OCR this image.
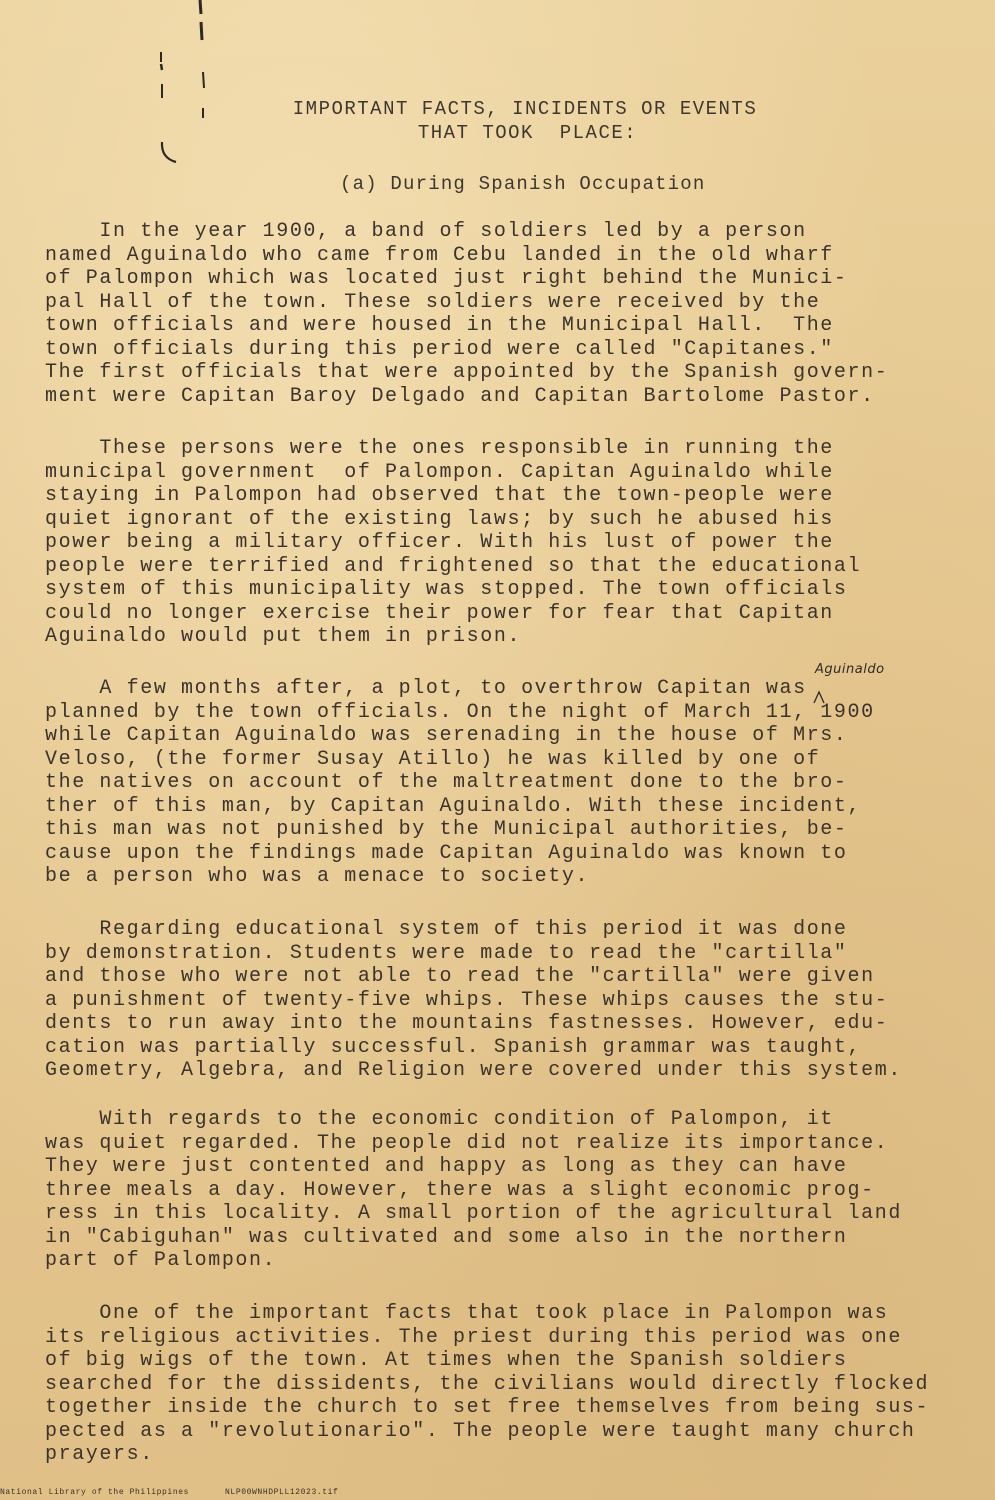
IMPORTANT FACTS, INCIDENTS OR EVENTS
THAT TOOK  PLACE:
(a) During Spanish Occupation

In the year 1900, a band of soldiers led by a person
named Aguinaldo who came from Cebu landed in the old wharf
of Palompon which was located just right behind the Munici-
pal Hall of the town. These soldiers were received by the
town officials and were housed in the Municipal Hall.  The
town officials during this period were called "Capitanes."
The first officials that were appointed by the Spanish govern-
ment were Capitan Baroy Delgado and Capitan Bartolome Pastor.

These persons were the ones responsible in running the
municipal government  of Palompon. Capitan Aguinaldo while
staying in Palompon had observed that the town-people were
quiet ignorant of the existing laws; by such he abused his
power being a military officer. With his lust of power the
people were terrified and frightened so that the educational
system of this municipality was stopped. The town officials
could no longer exercise their power for fear that Capitan
Aguinaldo would put them in prison.

A few months after, a plot, to overthrow Capitan was
planned by the town officials. On the night of March 11, 1900
while Capitan Aguinaldo was serenading in the house of Mrs.
Veloso, (the former Susay Atillo) he was killed by one of
the natives on account of the maltreatment done to the bro-
ther of this man, by Capitan Aguinaldo. With these incident,
this man was not punished by the Municipal authorities, be-
cause upon the findings made Capitan Aguinaldo was known to
be a person who was a menace to society.

Regarding educational system of this period it was done
by demonstration. Students were made to read the "cartilla"
and those who were not able to read the "cartilla" were given
a punishment of twenty-five whips. These whips causes the stu-
dents to run away into the mountains fastnesses. However, edu-
cation was partially successful. Spanish grammar was taught,
Geometry, Algebra, and Religion were covered under this system.

With regards to the economic condition of Palompon, it
was quiet regarded. The people did not realize its importance.
They were just contented and happy as long as they can have
three meals a day. However, there was a slight economic prog-
ress in this locality. A small portion of the agricultural land
in "Cabiguhan" was cultivated and some also in the northern
part of Palompon.

One of the important facts that took place in Palompon was
its religious activities. The priest during this period was one
of big wigs of the town. At times when the Spanish soldiers
searched for the dissidents, the civilians would directly flocked
together inside the church to set free themselves from being sus-
pected as a "revolutionario". The people were taught many church
prayers.

Aguinaldo
National Library of the Philippines	NLP00WNHDPLL12023.tif
